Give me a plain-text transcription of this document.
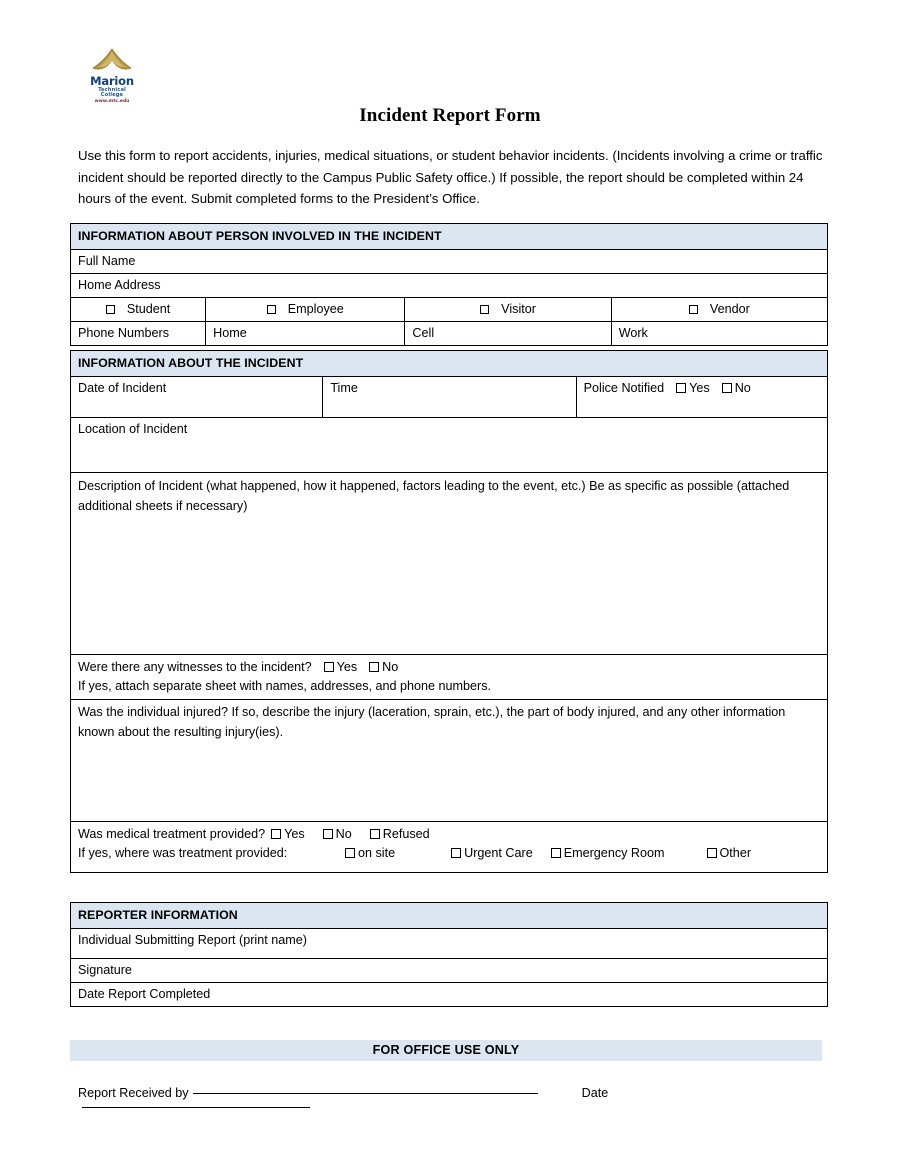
Marion
Technical College
www.mtc.edu
Incident Report Form
Use this form to report accidents, injuries, medical situations, or student behavior incidents. (Incidents involving a crime or traffic incident should be reported directly to the Campus Public Safety office.) If possible, the report should be completed within 24 hours of the event. Submit completed forms to the President’s Office.
INFORMATION ABOUT PERSON INVOLVED IN THE INCIDENT			
Full Name			
Home Address			
Student	Employee	Visitor	Vendor
Phone Numbers	Home	Cell	Work
INFORMATION ABOUT THE INCIDENT
Date of Incident	Time	Police Notified Yes No
Location of Incident

Description of Incident (what happened, how it happened, factors leading to the event, etc.) Be as specific as possible (attached additional sheets if necessary)

Were there any witnesses to the incident? Yes No
If yes, attach separate sheet with names, addresses, and phone numbers.

Was the individual injured? If so, describe the injury (laceration, sprain, etc.), the part of body injured, and any other information known about the resulting injury(ies).

Was medical treatment provided? Yes No Refused
If yes, where was treatment provided:	on site	Urgent Care Emergency Room	Other
REPORTER INFORMATION
Individual Submitting Report (print name)
Signature
Date Report Completed
FOR OFFICE USE ONLY
Report Received by	Date
